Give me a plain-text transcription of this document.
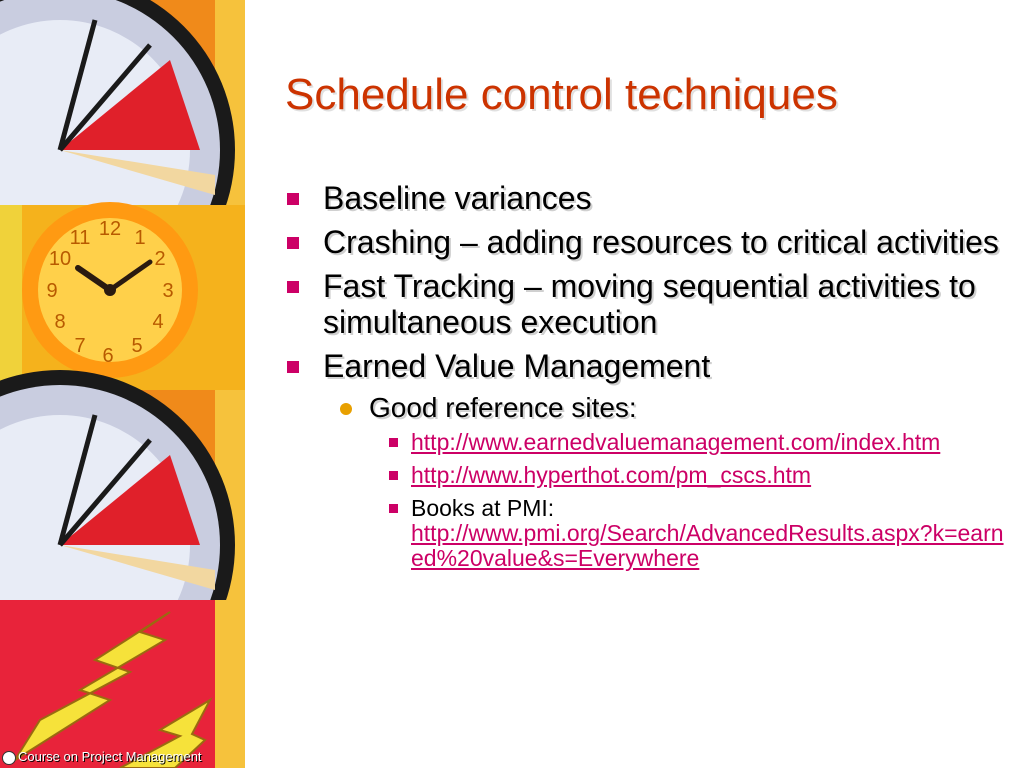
12 1
2
3
4
5
6
7
8
9
10
11
Course on Project Management
Schedule control techniques
Baseline variances
Crashing – adding resources to critical activities
Fast Tracking – moving sequential activities to simultaneous execution
Earned Value Management
Good reference sites:
http://www.earnedvaluemanagement.com/index.htm
http://www.hyperthot.com/pm_cscs.htm
Books at PMI:
http://www.pmi.org/Search/AdvancedResults.aspx?k=earned%20value&s=Everywhere
